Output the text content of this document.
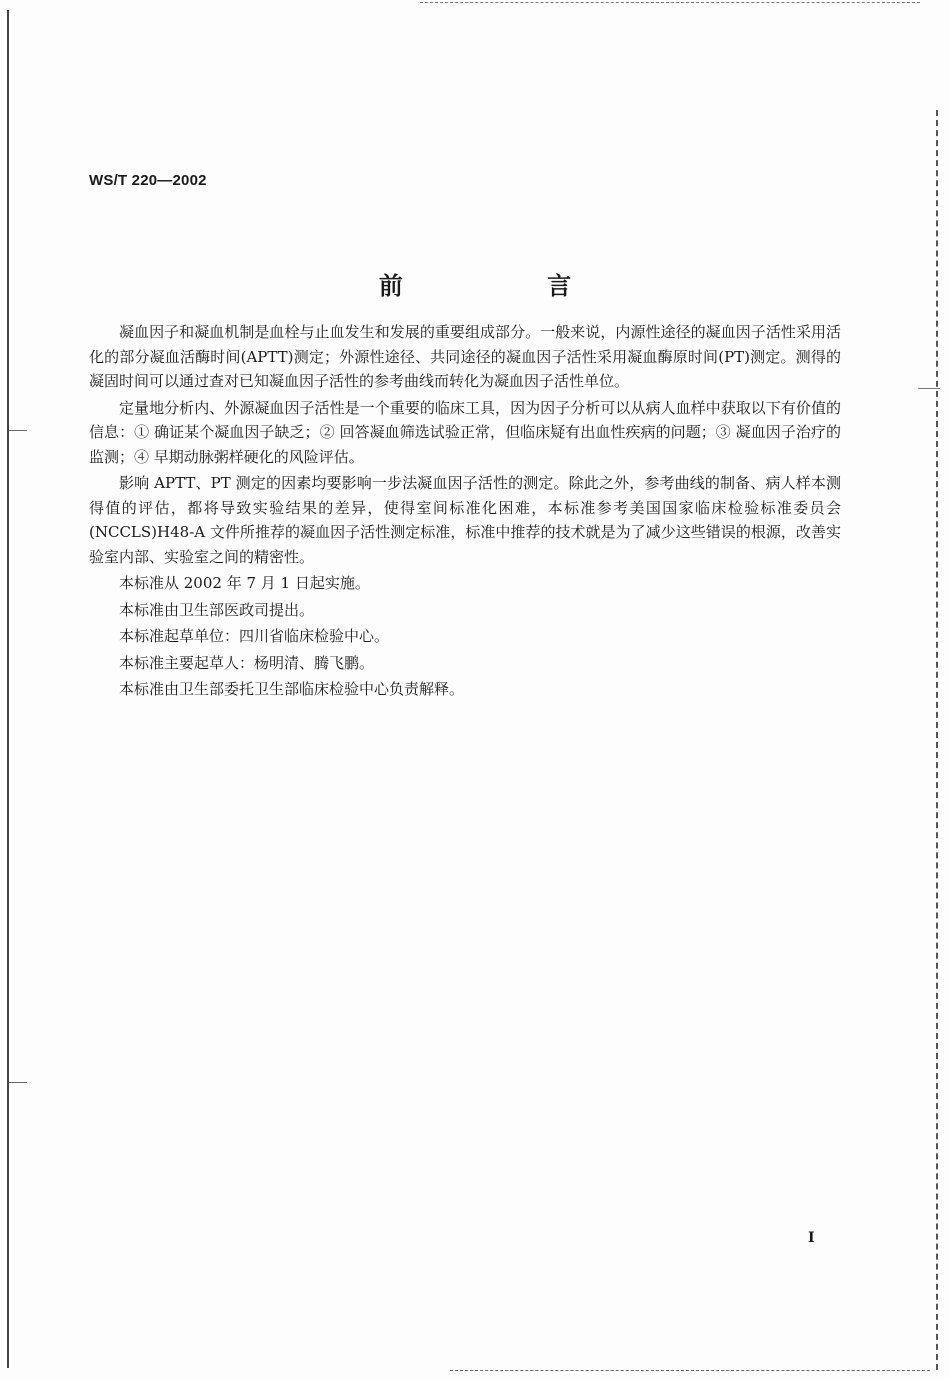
WS/T 220—2002
前 言

凝血因子和凝血机制是血栓与止血发生和发展的重要组成部分。一般来说，内源性途径的凝血因子活性采用活化的部分凝血活酶时间(APTT)测定；外源性途径、共同途径的凝血因子活性采用凝血酶原时间(PT)测定。测得的凝固时间可以通过查对已知凝血因子活性的参考曲线而转化为凝血因子活性单位。

定量地分析内、外源凝血因子活性是一个重要的临床工具，因为因子分析可以从病人血样中获取以下有价值的信息：① 确证某个凝血因子缺乏；② 回答凝血筛选试验正常，但临床疑有出血性疾病的问题；③ 凝血因子治疗的监测；④ 早期动脉粥样硬化的风险评估。

影响 APTT、PT 测定的因素均要影响一步法凝血因子活性的测定。除此之外，参考曲线的制备、病人样本测得值的评估，都将导致实验结果的差异，使得室间标准化困难，本标准参考美国国家临床检验标准委员会(NCCLS)H48-A 文件所推荐的凝血因子活性测定标准，标准中推荐的技术就是为了减少这些错误的根源，改善实验室内部、实验室之间的精密性。

本标准从 2002 年 7 月 1 日起实施。

本标准由卫生部医政司提出。

本标准起草单位：四川省临床检验中心。

本标准主要起草人：杨明清、腾飞鹏。

本标准由卫生部委托卫生部临床检验中心负责解释。

I
